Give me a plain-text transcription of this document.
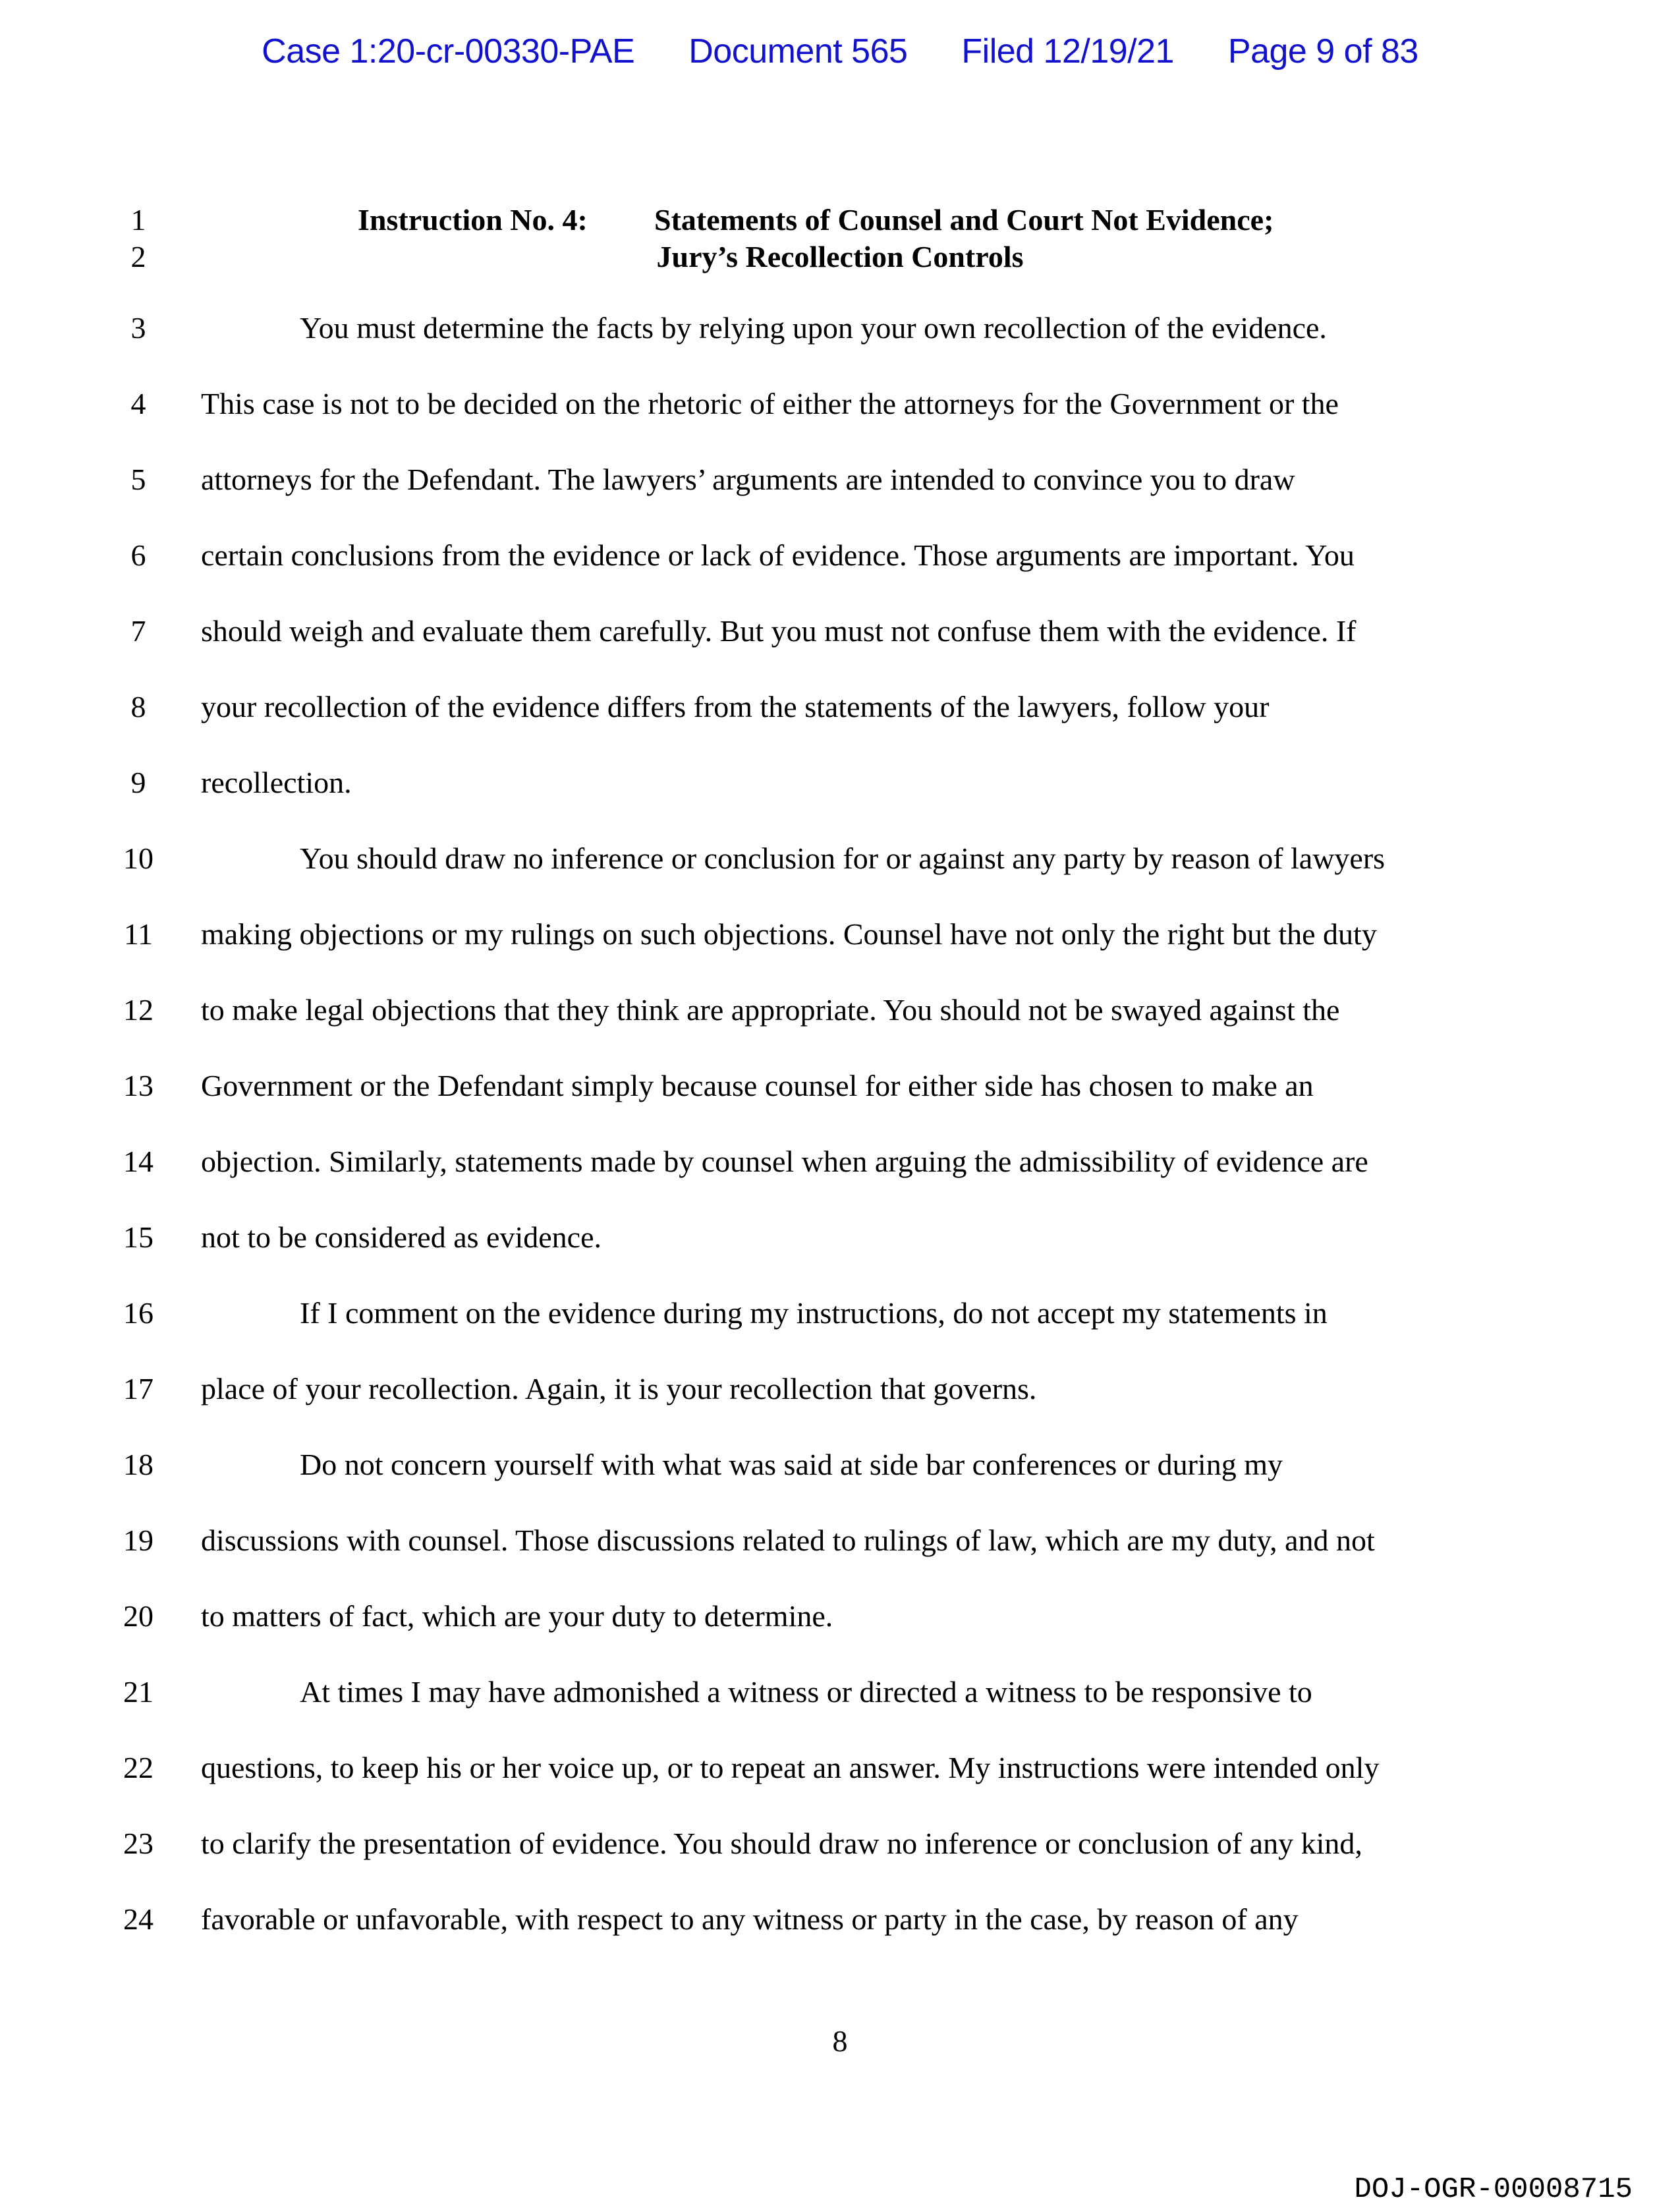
Case 1:20-cr-00330-PAE Document 565 Filed 12/19/21 Page 9 of 83
1
2
3
4
5
6
7
8
9
10
11
12
13
14
15
16
17
18
19
20
21
22
23
24
Instruction No. 4: Statements of Counsel and Court Not Evidence;
Jury’s Recollection Controls
You must determine the facts by relying upon your own recollection of the evidence.
This case is not to be decided on the rhetoric of either the attorneys for the Government or the
attorneys for the Defendant. The lawyers’ arguments are intended to convince you to draw
certain conclusions from the evidence or lack of evidence. Those arguments are important. You
should weigh and evaluate them carefully. But you must not confuse them with the evidence. If
your recollection of the evidence differs from the statements of the lawyers, follow your
recollection.
You should draw no inference or conclusion for or against any party by reason of lawyers
making objections or my rulings on such objections. Counsel have not only the right but the duty
to make legal objections that they think are appropriate. You should not be swayed against the
Government or the Defendant simply because counsel for either side has chosen to make an
objection. Similarly, statements made by counsel when arguing the admissibility of evidence are
not to be considered as evidence.
If I comment on the evidence during my instructions, do not accept my statements in
place of your recollection. Again, it is your recollection that governs.
Do not concern yourself with what was said at side bar conferences or during my
discussions with counsel. Those discussions related to rulings of law, which are my duty, and not
to matters of fact, which are your duty to determine.
At times I may have admonished a witness or directed a witness to be responsive to
questions, to keep his or her voice up, or to repeat an answer. My instructions were intended only
to clarify the presentation of evidence. You should draw no inference or conclusion of any kind,
favorable or unfavorable, with respect to any witness or party in the case, by reason of any
8
DOJ-OGR-00008715
